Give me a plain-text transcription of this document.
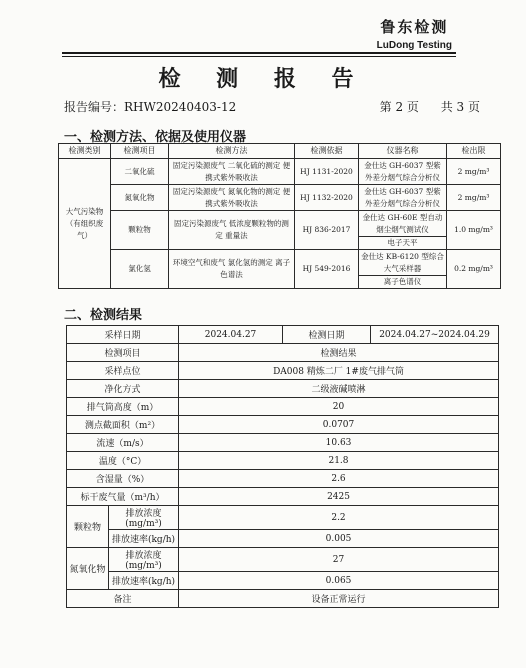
鲁东检测
LuDong Testing
检 测 报 告
报告编号：RHW20240403-12	第 2 页 共 3 页
一、检测方法、依据及使用仪器
检测类别	检测项目	检测方法	检测依据	仪器名称	检出限
大气污染物（有组织废气）	二氧化硫	固定污染源废气 二氧化硫的测定 便携式紫外吸收法	HJ 1131-2020	金仕达 GH-6037 型紫外差分烟气综合分析仪	2 mg/m³
	氮氧化物	固定污染源废气 氮氧化物的测定 便携式紫外吸收法	HJ 1132-2020	金仕达 GH-6037 型紫外差分烟气综合分析仪	2 mg/m³
	颗粒物	固定污染源废气 低浓度颗粒物的测定 重量法	HJ 836-2017	金仕达 GH-60E 型自动烟尘烟气测试仪	1.0 mg/m³
				电子天平	
	氯化氢	环境空气和废气 氯化氢的测定 离子色谱法	HJ 549-2016	金仕达 KB-6120 型综合大气采样器	0.2 mg/m³
				离子色谱仪	
二、检测结果
采样日期		2024.04.27	检测日期	2024.04.27~2024.04.29
检测项目		检测结果		
采样点位		DA008 精炼二厂 1#废气排气筒		
净化方式		二级液碱喷淋		
排气筒高度（m）		20		
测点截面积（m²）		0.0707		
流速（m/s）		10.63		
温度（°C）		21.8		
含湿量（%）		2.6		
标干废气量（m³/h）		2425		
颗粒物	排放浓度(mg/m³)	2.2		
	排放速率(kg/h)	0.005		
氮氧化物	排放浓度(mg/m³)	27		
	排放速率(kg/h)	0.065		
备注		设备正常运行		
